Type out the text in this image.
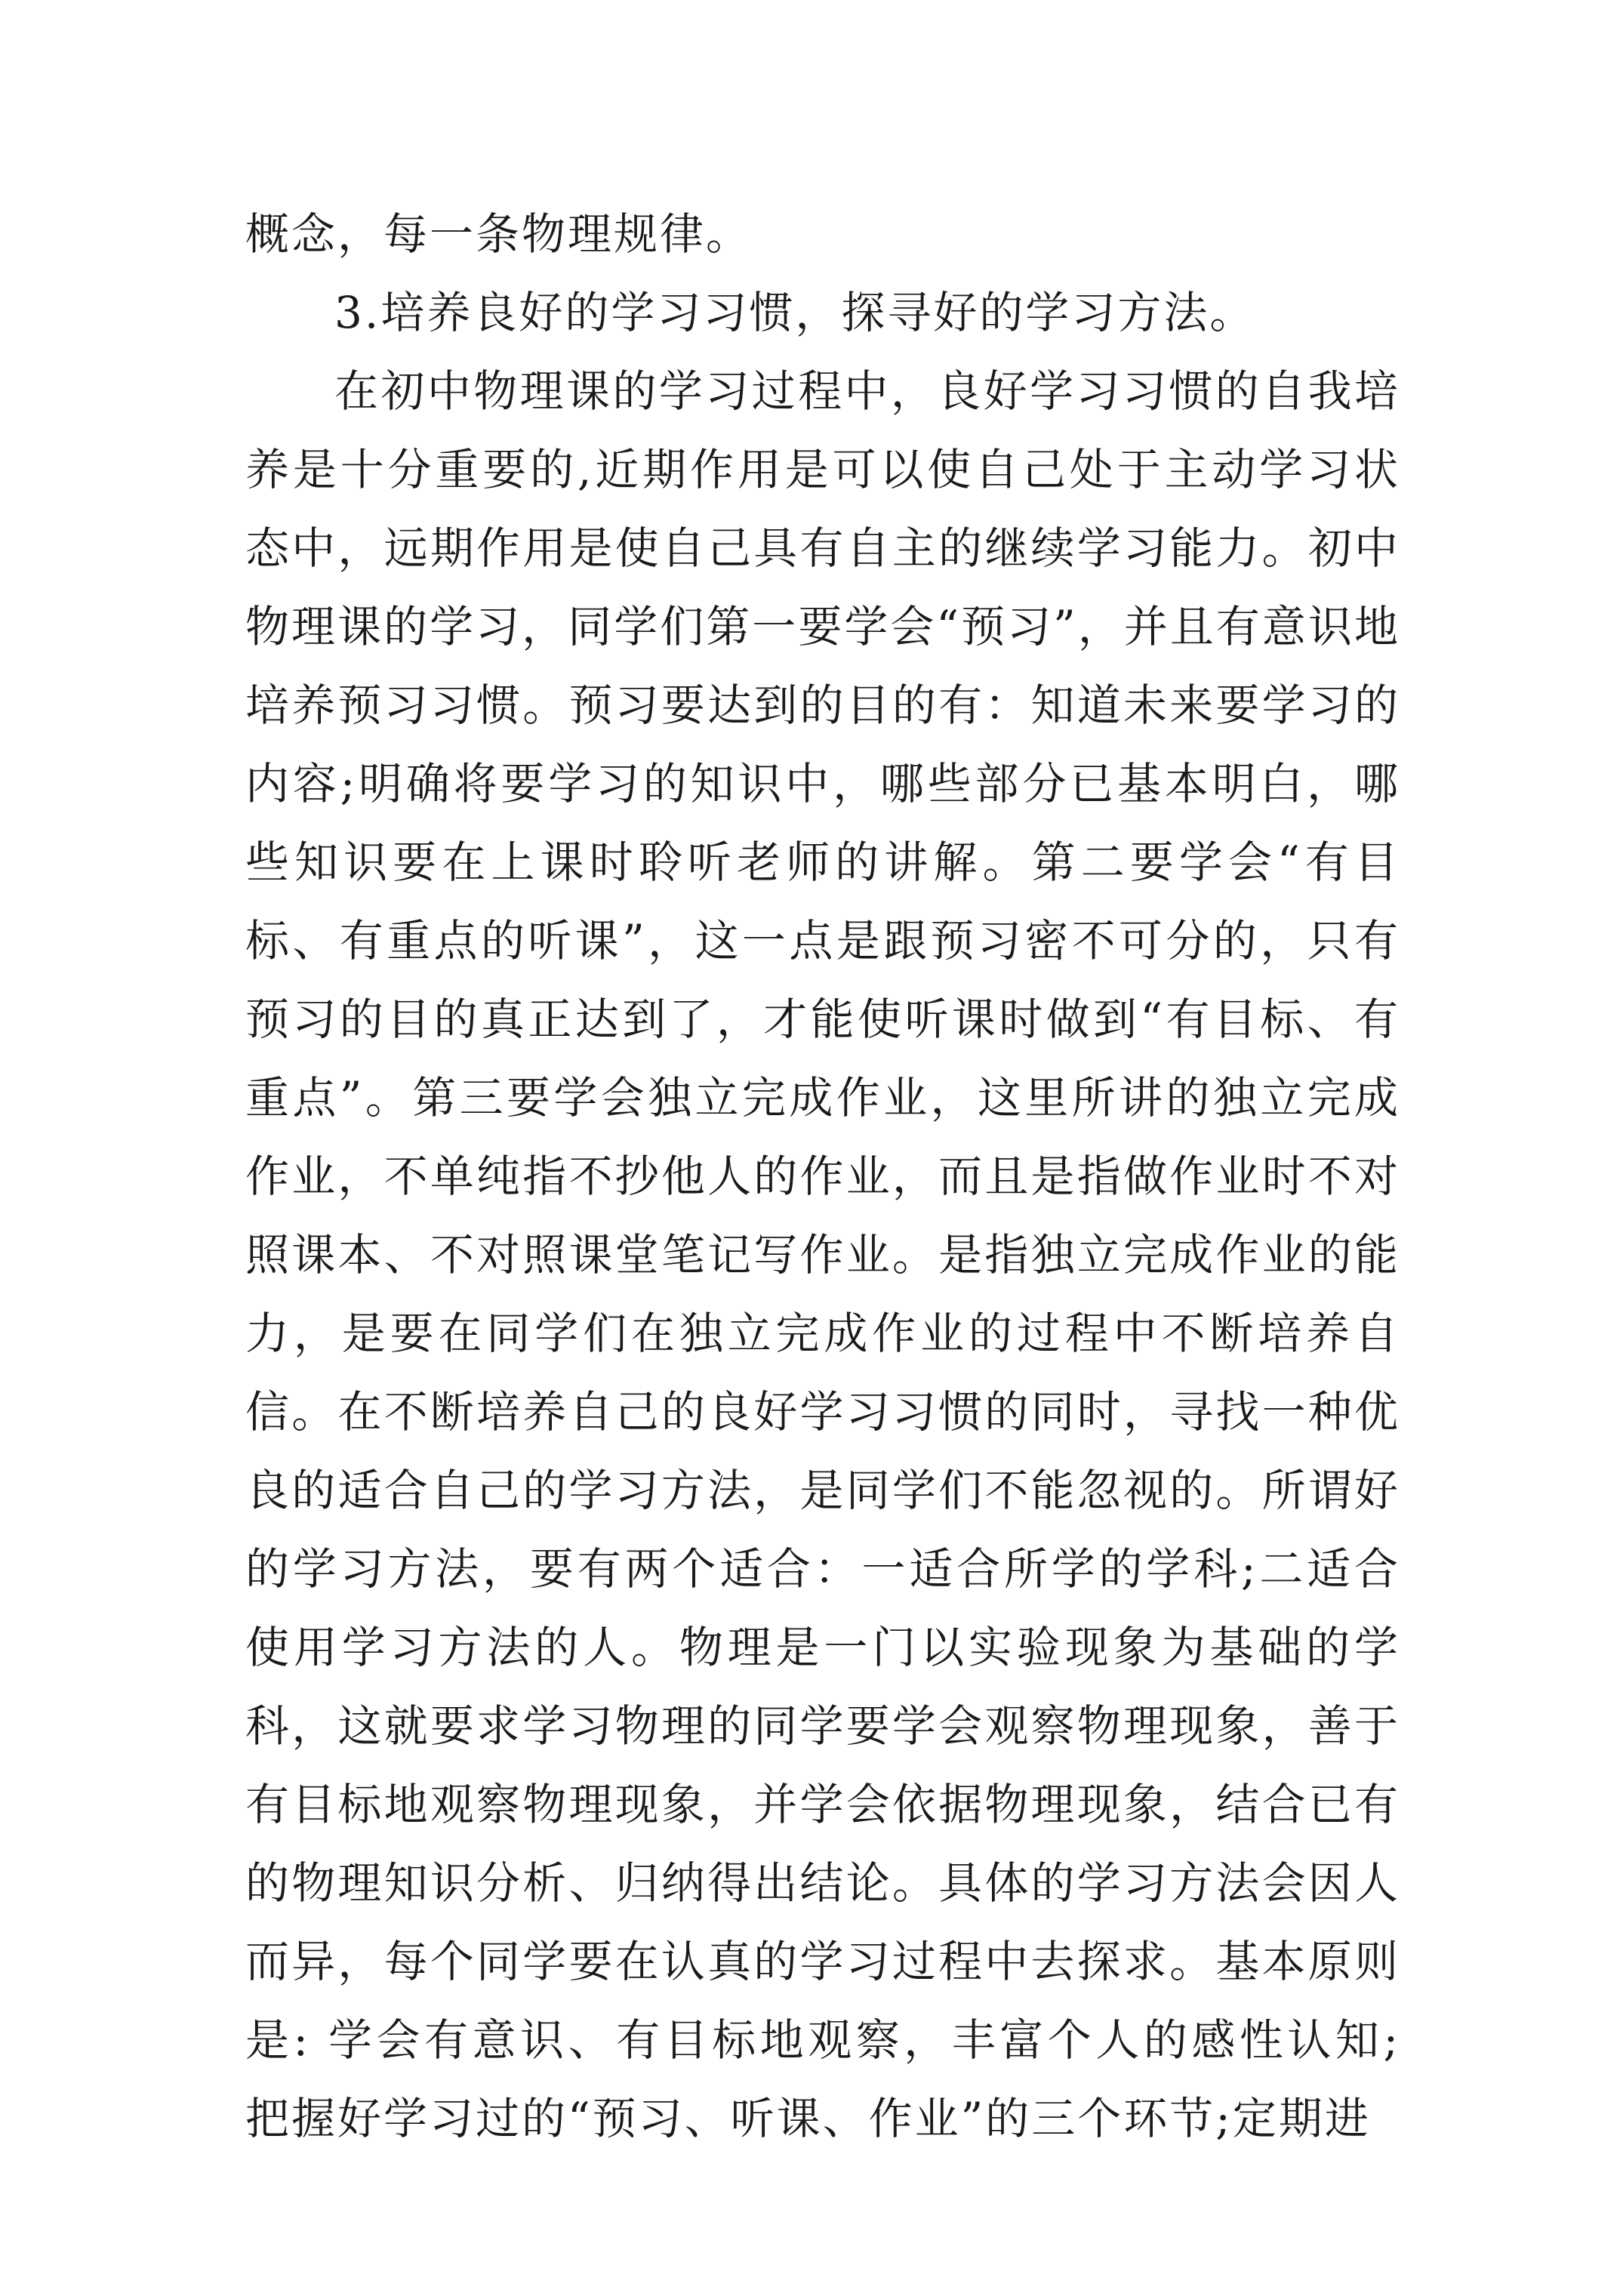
概念，每一条物理规律。

3.培养良好的学习习惯，探寻好的学习方法。

在初中物理课的学习过程中，良好学习习惯的自我培养是十分重要的,近期作用是可以使自己处于主动学习状态中，远期作用是使自己具有自主的继续学习能力。初中物理课的学习，同学们第一要学会“预习”，并且有意识地培养预习习惯。预习要达到的目的有：知道未来要学习的内容;明确将要学习的知识中，哪些部分已基本明白，哪些知识要在上课时聆听老师的讲解。第二要学会“有目标、有重点的听课”，这一点是跟预习密不可分的，只有预习的目的真正达到了，才能使听课时做到“有目标、有重点”。第三要学会独立完成作业，这里所讲的独立完成作业，不单纯指不抄他人的作业，而且是指做作业时不对照课本、不对照课堂笔记写作业。是指独立完成作业的能力，是要在同学们在独立完成作业的过程中不断培养自信。在不断培养自己的良好学习习惯的同时，寻找一种优良的适合自己的学习方法，是同学们不能忽视的。所谓好的学习方法，要有两个适合：一适合所学的学科;二适合使用学习方法的人。物理是一门以实验现象为基础的学科，这就要求学习物理的同学要学会观察物理现象，善于有目标地观察物理现象，并学会依据物理现象，结合已有的物理知识分析、归纳得出结论。具体的学习方法会因人而异，每个同学要在认真的学习过程中去探求。基本原则是: 学会有意识、有目标地观察，丰富个人的感性认知;把握好学习过的“预习、听课、作业”的三个环节;定期进
